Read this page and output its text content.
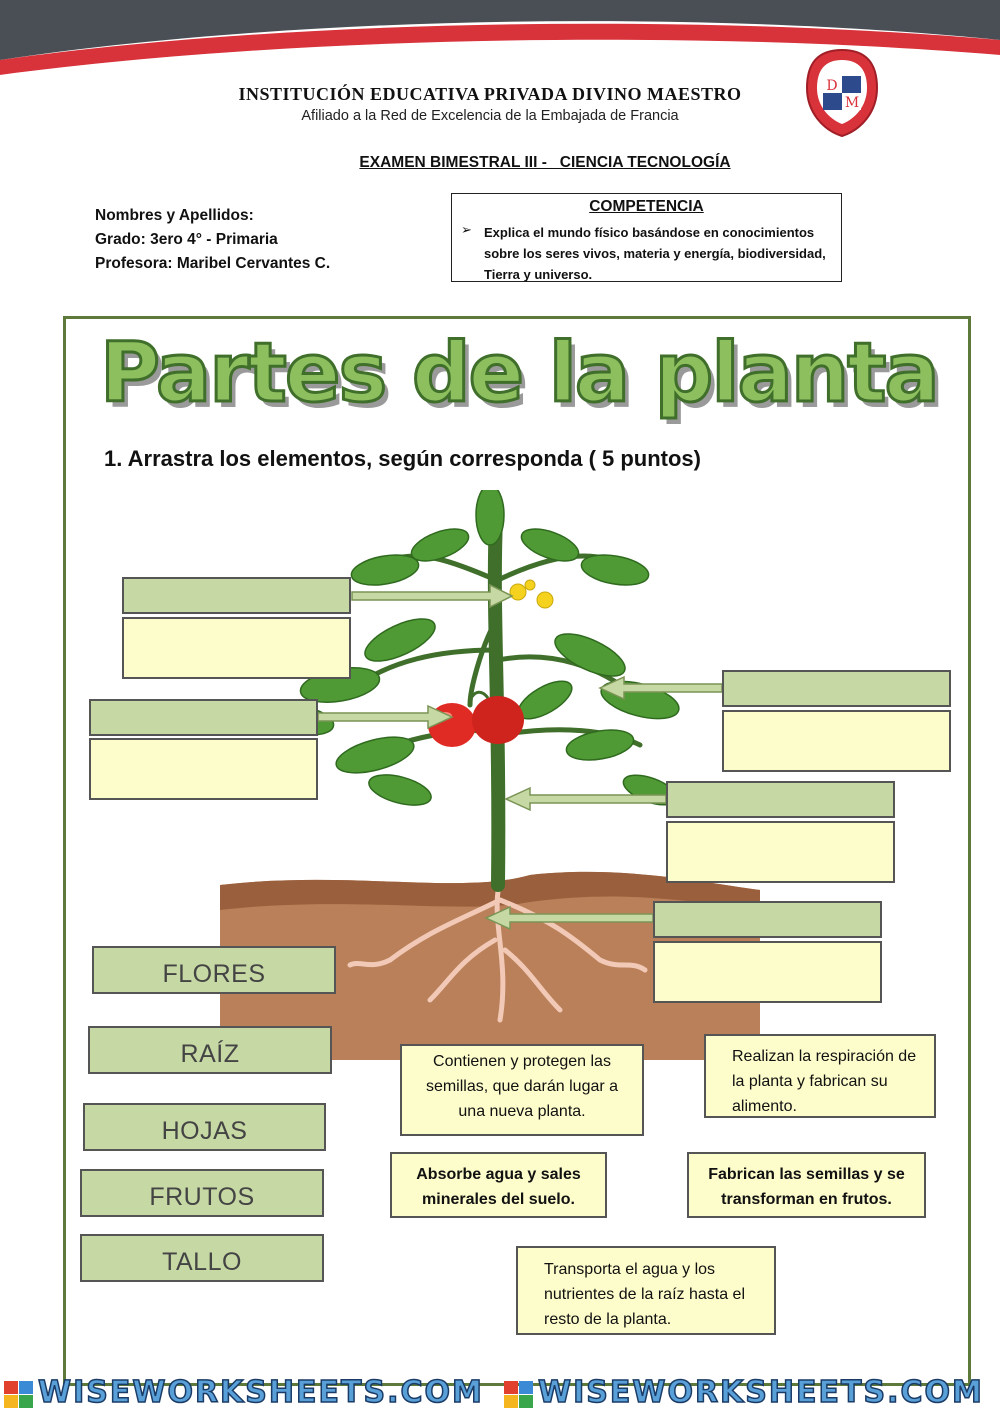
INSTITUCIÓN EDUCATIVA PRIVADA DIVINO MAESTRO
Afiliado a la Red de Excelencia de la Embajada de Francia
D
M
EXAMEN BIMESTRAL III -   CIENCIA TECNOLOGÍA
Nombres y Apellidos:
Grado: 3ero 4° - Primaria
Profesora: Maribel Cervantes C.
COMPETENCIA
➢ Explica el mundo físico basándose en conocimientos sobre los seres vivos, materia y energía, biodiversidad, Tierra y universo.
Partes de la planta
1. Arrastra los elementos, según corresponda ( 5 puntos)
FLORES
RAÍZ
HOJAS
FRUTOS
TALLO
Contienen y protegen las semillas, que darán lugar a una nueva planta.
Realizan la respiración de la planta y fabrican su alimento.
Absorbe agua y sales minerales del suelo.
Fabrican las semillas y se transforman en frutos.
Transporta el agua y los nutrientes de la raíz hasta el resto de la planta.
WISEWORKSHEETS.COM WISEWORKSHEETS.COM
